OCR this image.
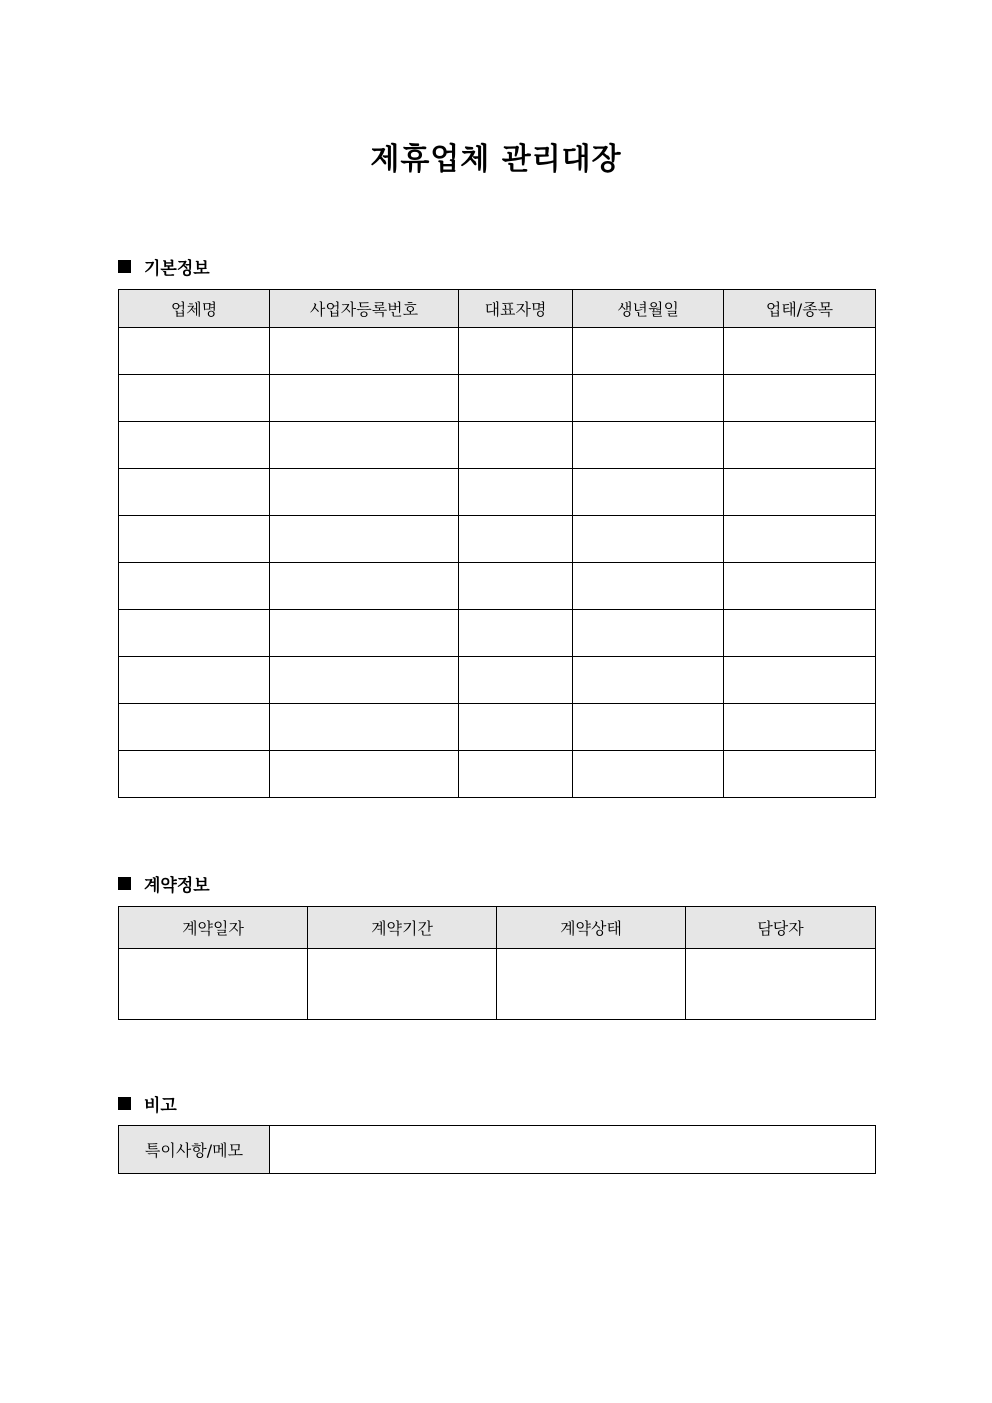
제휴업체 관리대장
기본정보
업체명	사업자등록번호	대표자명	생년월일	업태/종목

계약정보
계약일자	계약기간	계약상태	담당자

비고
특이사항/메모	
